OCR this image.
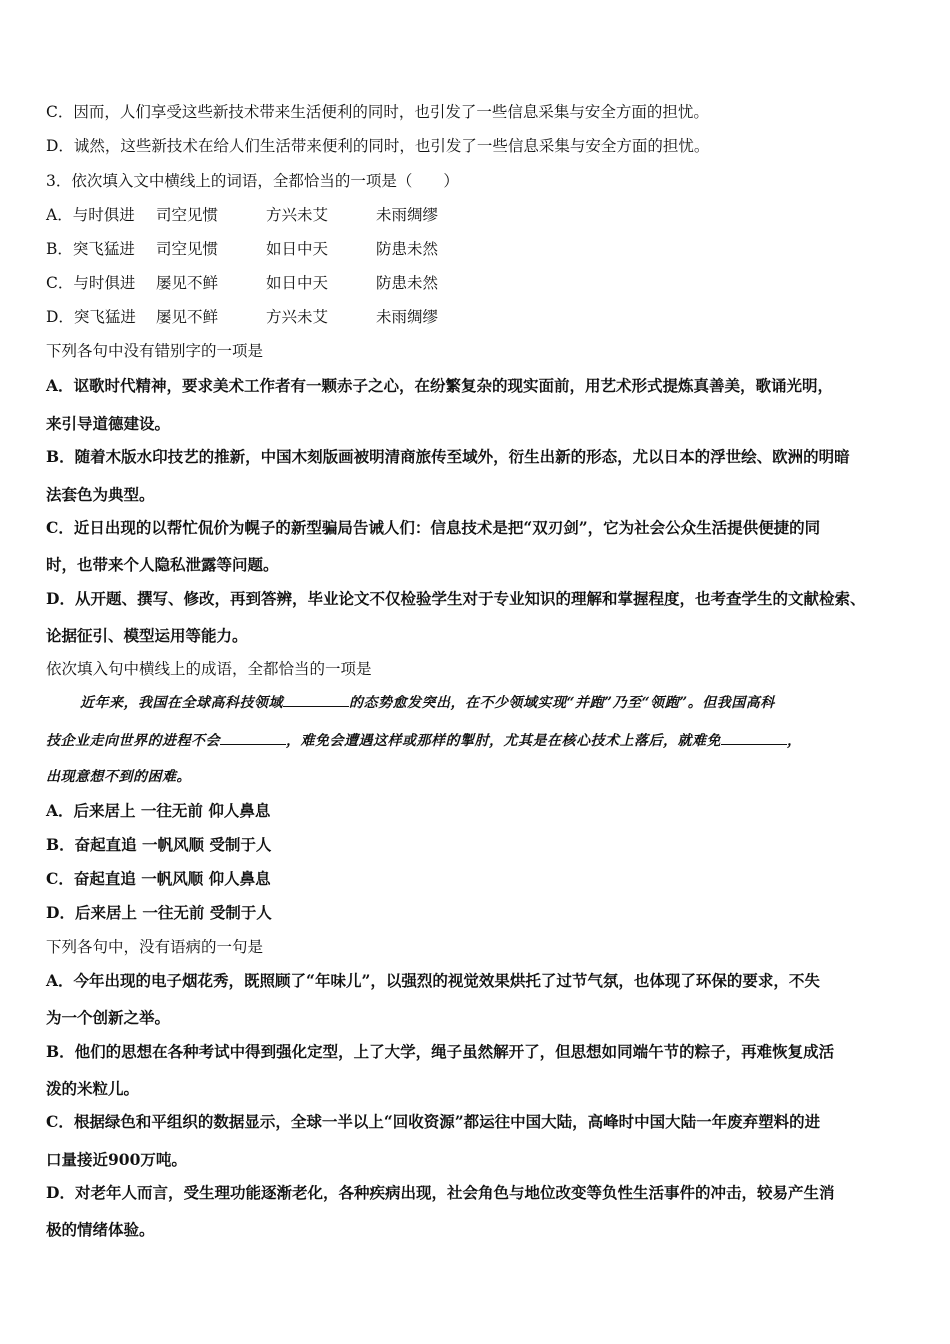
C．因而，人们享受这些新技术带来生活便利的同时，也引发了一些信息采集与安全方面的担忧。
D．诚然，这些新技术在给人们生活带来便利的同时，也引发了一些信息采集与安全方面的担忧。
3．依次填入文中横线上的词语，全都恰当的一项是（　　）
A．与时俱进 司空见惯	方兴未艾	未雨绸缪
B．突飞猛进 司空见惯	如日中天	防患未然
C．与时俱进 屡见不鲜	如日中天	防患未然
D．突飞猛进 屡见不鲜	方兴未艾	未雨绸缪
下列各句中没有错别字的一项是
A．讴歌时代精神，要求美术工作者有一颗赤子之心，在纷繁复杂的现实面前，用艺术形式提炼真善美，歌诵光明，
来引导道德建设。
B．随着木版水印技艺的推新，中国木刻版画被明清商旅传至域外，衍生出新的形态，尤以日本的浮世绘、欧洲的明暗
法套色为典型。
C．近日出现的以帮忙侃价为幌子的新型骗局告诫人们：信息技术是把“双刃剑”，它为社会公众生活提供便捷的同
时，也带来个人隐私泄露等问题。
D．从开题、撰写、修改，再到答辨，毕业论文不仅检验学生对于专业知识的理解和掌握程度，也考查学生的文献检索、
论据征引、模型运用等能力。
依次填入句中横线上的成语，全都恰当的一项是
近年来，我国在全球高科技领域	的态势愈发突出，在不少领域实现“并跑”乃至“领跑”。但我国高科
技企业走向世界的进程不会	，难免会遭遇这样或那样的掣肘，尤其是在核心技术上落后，就难免	，
出现意想不到的困难。
A．后来居上 一往无前 仰人鼻息
B．奋起直追 一帆风顺 受制于人
C．奋起直追 一帆风顺 仰人鼻息
D．后来居上 一往无前 受制于人
下列各句中，没有语病的一句是
A．今年出现的电子烟花秀，既照顾了“年味儿”，以强烈的视觉效果烘托了过节气氛，也体现了环保的要求，不失
为一个创新之举。
B．他们的思想在各种考试中得到强化定型，上了大学，绳子虽然解开了，但思想如同端午节的粽子，再难恢复成活
泼的米粒儿。
C．根据绿色和平组织的数据显示，全球一半以上“回收资源”都运往中国大陆，高峰时中国大陆一年废弃塑料的进
口量接近900万吨。
D．对老年人而言，受生理功能逐渐老化，各种疾病出现，社会角色与地位改变等负性生活事件的冲击，较易产生消
极的情绪体验。
